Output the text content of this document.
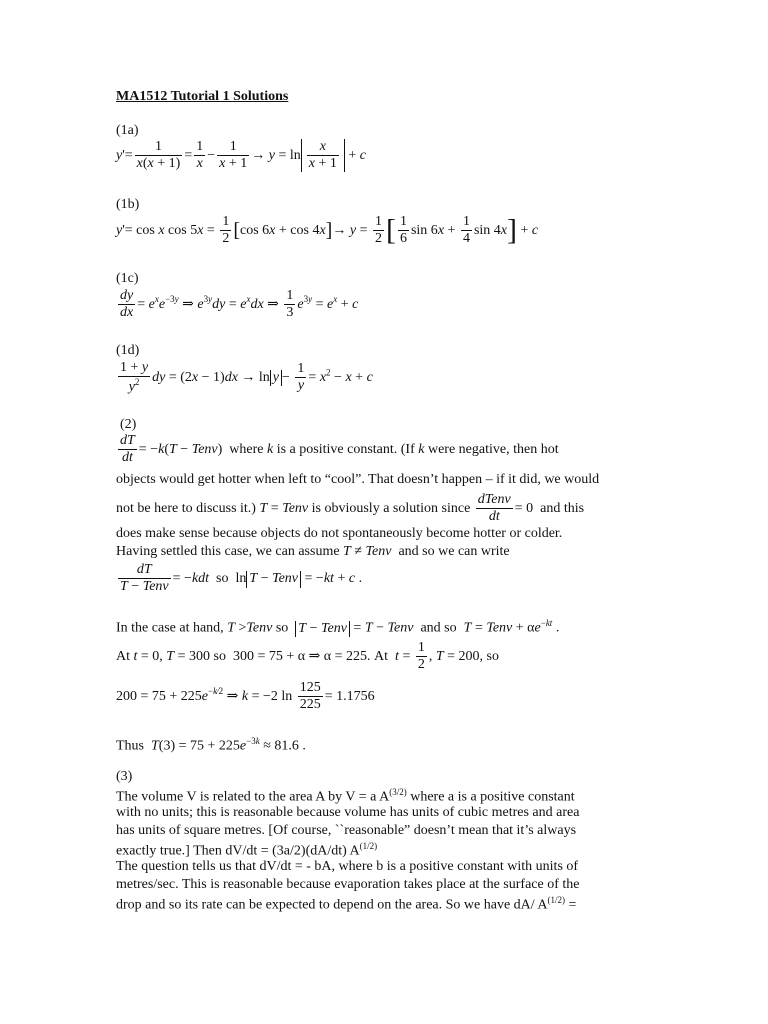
MA1512 Tutorial 1 Solutions
(1a)
$y'= \frac{1}{x(x + 1)} = \frac{1}{x} - \frac{1}{x + 1} \to y = \ln \frac{x}{x + 1} + c$
(1b)
y'= cos x $\cos 5x = \frac{1}{2} [\cos$ $6x + \cos 4x]\to y = \frac{1}{2}$ [ $\frac{1}{6}$ $\sin 6x + \frac{1}{4}$ sin 4x] + c
(1c)
$\frac{dy}{dx} = e^xe^{-3y}$ ⇒ $e^{3y}dy = e^xdx$ ⇒ $\frac{1}{3} e^{3y} = e^x + c$
(1d)
$\frac{1 + y}{y^2}$ dy = $(2x - 1)dx \to \ln y - \frac{1}{y} = x^2 - x + c$
(2)
$\frac{dT}{dt} = -k(T$ − Tenv)  where k is a positive constant. (If k were negative, then hot
objects would get hotter when left to “cool”. That doesn’t happen – if it did, we would
not be here to discuss it.) T = Tenv is obviously a solution since $\frac{\text{dTenv}}{dt} = 0$  and this
does make sense because objects do not spontaneously become hotter or colder.
Having settled this case, we can assume T ≠ Tenv and so we can write
$\frac{dT}{\text{T − Tenv}} = -kdt$ so  ln T − Tenv = −kt + c .
In the case at hand, T >Tenv so T − Tenv = T − Tenv and so T = Tenv + $\alpha e^{-kt}$ .
At t = 0, T = 300 so  300 = 75 + α ⇒ α = 225. At $t = \frac{1}{2}$ , T = 200, so
$200 = 75 + 225e^{-k⁄2}$ ⇒ k = −2 $\ln \frac{125}{225} = 1.1756$
Thus $T(3) = 75 + 225e^{-3k} \approx 81.6$ .
(3)
The volume V is related to the area A by V = a $A^{(3/2)}$ where a is a positive constant
with no units; this is reasonable because volume has units of cubic metres and area
has units of square metres. [Of course, ``reasonable” doesn’t mean that it’s always
exactly true.] Then dV/dt = (3a/2)(dA/dt) $A^{(1/2)}$
The question tells us that dV/dt = - bA, where b is a positive constant with units of
metres/sec. This is reasonable because evaporation takes place at the surface of the
drop and so its rate can be expected to depend on the area. So we have dA/ $A^{(1/2)}$ =
